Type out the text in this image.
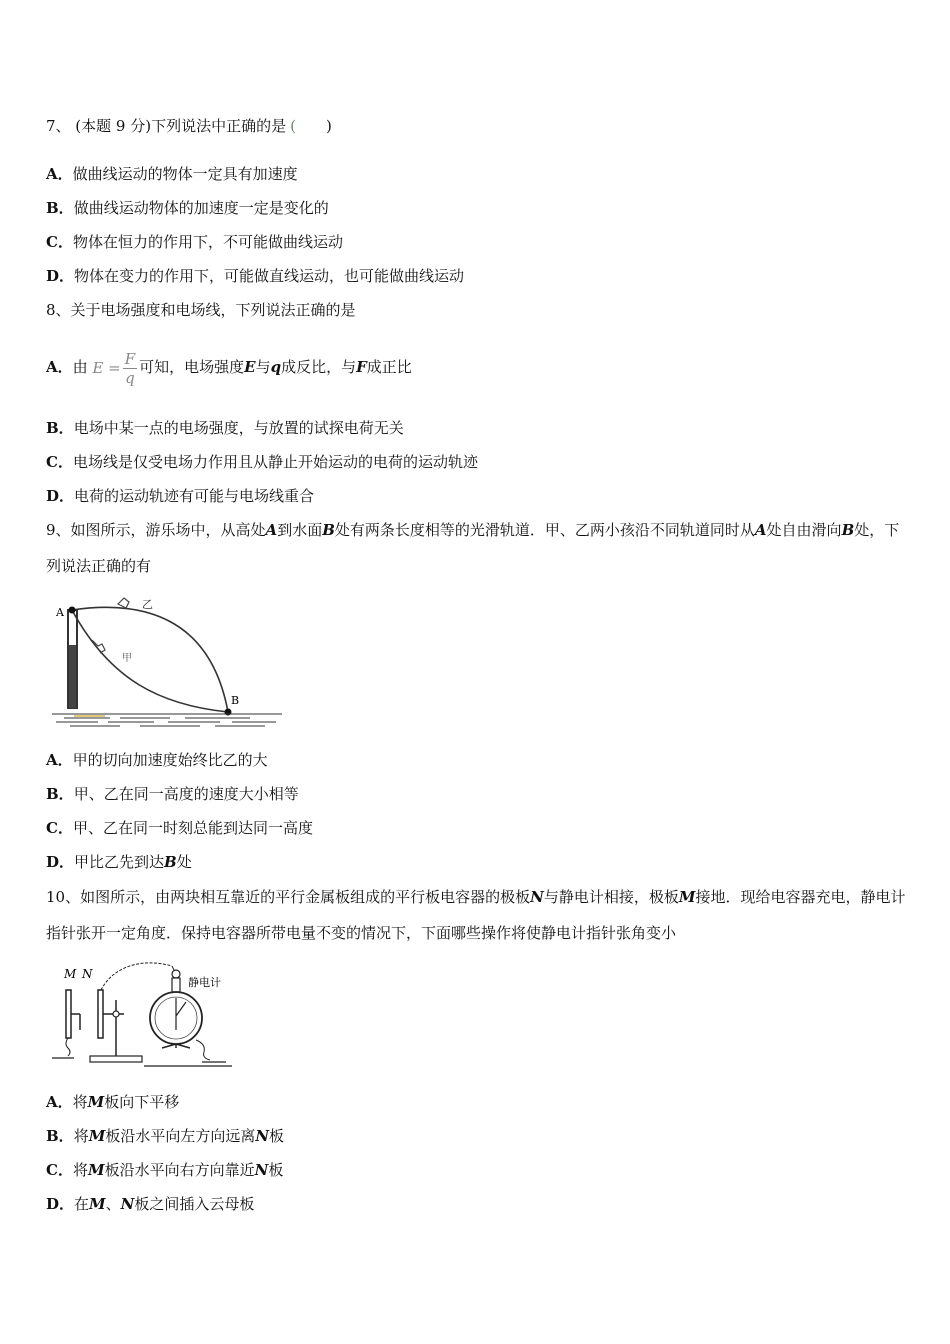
7、 (本题 9 分)下列说法中正确的是 ( )
A．做曲线运动的物体一定具有加速度
B．做曲线运动物体的加速度一定是变化的
C．物体在恒力的作用下，不可能做曲线运动
D．物体在变力的作用下，可能做直线运动，也可能做曲线运动
8、关于电场强度和电场线，下列说法正确的是
A．由 $E = \frac{F}{q}$ 可知，电场强度E与q成反比，与F成正比
B．电场中某一点的电场强度，与放置的试探电荷无关
C．电场线是仅受电场力作用且从静止开始运动的电荷的运动轨迹
D．电荷的运动轨迹有可能与电场线重合
9、如图所示，游乐场中，从高处A到水面B处有两条长度相等的光滑轨道．甲、乙两小孩沿不同轨道同时从A处自由滑向B处，下列说法正确的有
A
B
乙
甲
A．甲的切向加速度始终比乙的大
B．甲、乙在同一高度的速度大小相等
C．甲、乙在同一时刻总能到达同一高度
D．甲比乙先到达B处
10、如图所示，由两块相互靠近的平行金属板组成的平行板电容器的极板N与静电计相接，极板M接地．现给电容器充电，静电计指针张开一定角度．保持电容器所带电量不变的情况下，下面哪些操作将使静电计指针张角变小
M N
静电计
A．将M板向下平移
B．将M板沿水平向左方向远离N板
C．将M板沿水平向右方向靠近N板
D．在M、N板之间插入云母板
